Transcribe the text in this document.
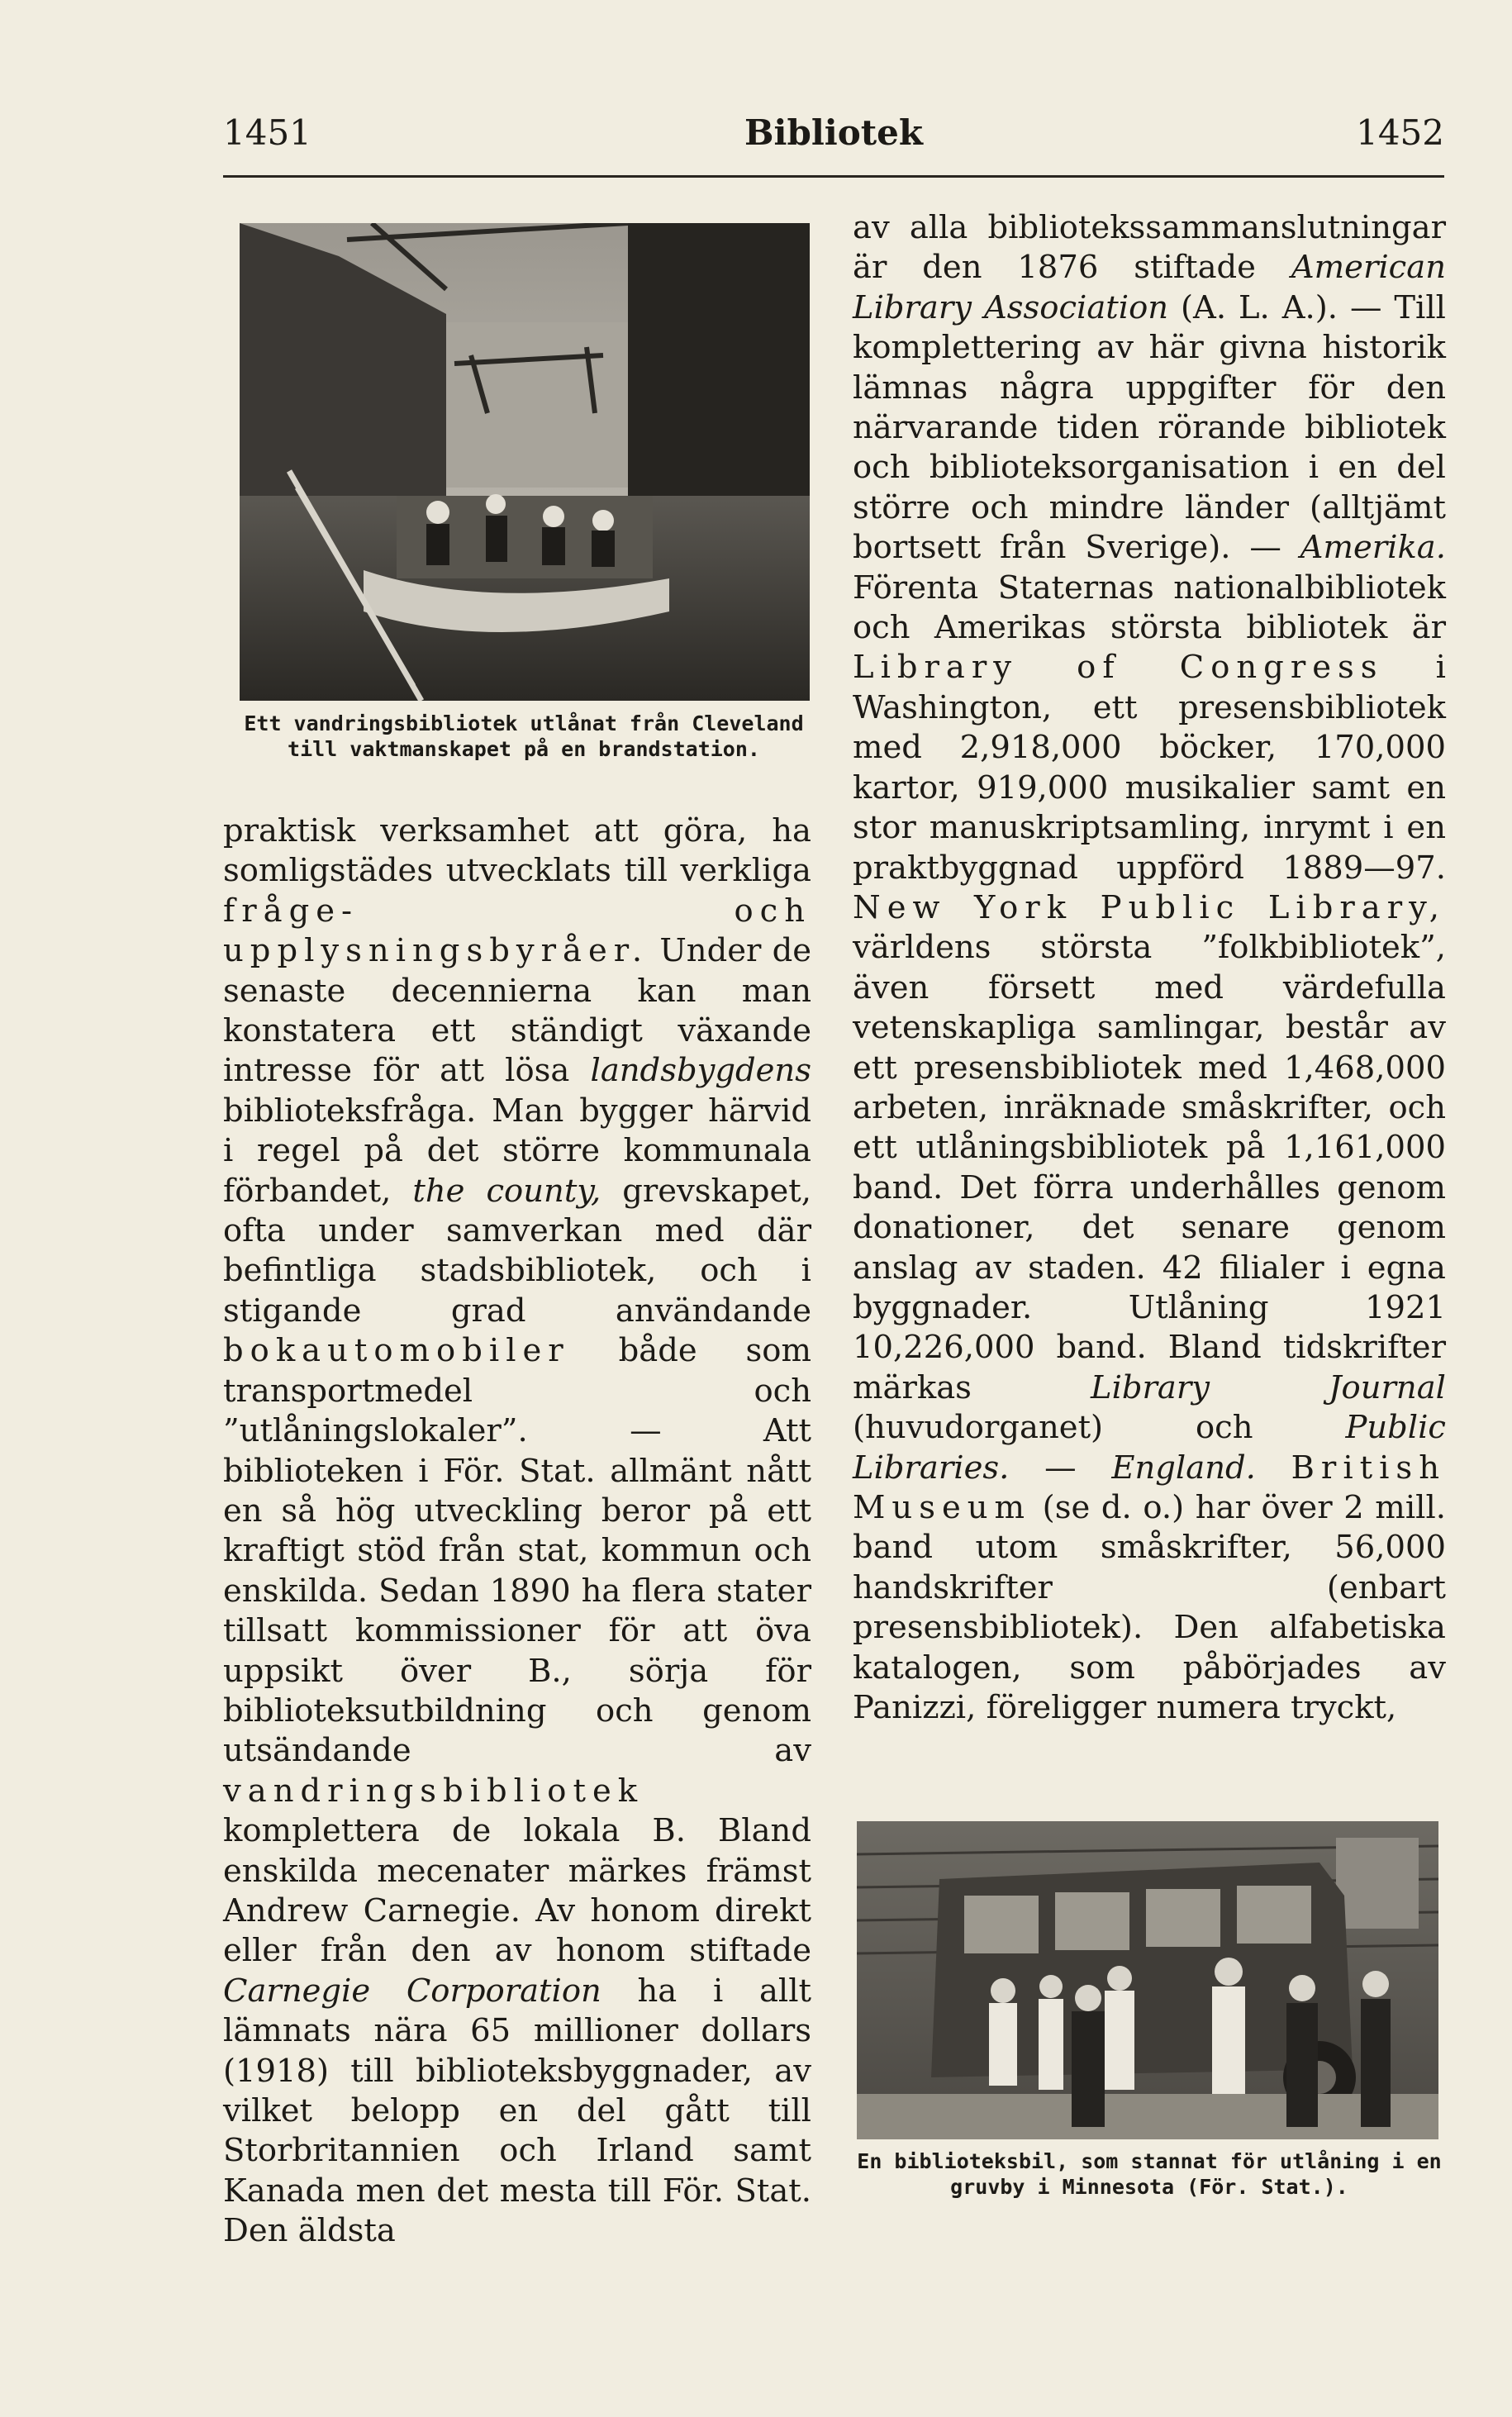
1451	Bibliotek	1452
Ett vandringsbibliotek utlånat från Cleveland till vaktmanskapet på en brandstation.

praktisk verksamhet att göra, ha somligstädes utvecklats till verkliga fråge- och upplysningsbyråer. Under de senaste decennierna kan man konstatera ett ständigt växande intresse för att lösa landsbygdens biblioteksfråga. Man bygger härvid i regel på det större kommunala förbandet, the county, grevskapet, ofta under samverkan med där befintliga stadsbibliotek, och i stigande grad användande bokautomobiler både som transportmedel och ”utlåningslokaler”. — Att biblioteken i För. Stat. allmänt nått en så hög utveckling beror på ett kraftigt stöd från stat, kommun och enskilda. Sedan 1890 ha flera stater tillsatt kommissioner för att öva uppsikt över B., sörja för biblioteksutbildning och genom utsändande av vandringsbibliotek komplettera de lokala B. Bland enskilda mecenater märkes främst Andrew Carnegie. Av honom direkt eller från den av honom stiftade Carnegie Corporation ha i allt lämnats nära 65 millioner dollars (1918) till biblioteksbyggnader, av vilket belopp en del gått till Storbritannien och Irland samt Kanada men det mesta till För. Stat. Den äldsta

av alla bibliotekssammanslutningar är den 1876 stiftade American Library Association (A. L. A.). — Till komplettering av här givna historik lämnas några uppgifter för den närvarande tiden rörande bibliotek och biblioteksorganisation i en del större och mindre länder (alltjämt bortsett från Sverige). — Amerika. Förenta Staternas nationalbibliotek och Amerikas största bibliotek är Library of Congress i Washington, ett presensbibliotek med 2,918,000 böcker, 170,000 kartor, 919,000 musikalier samt en stor manuskriptsamling, inrymt i en praktbyggnad uppförd 1889—97. New York Public Library, världens största ”folkbibliotek”, även försett med värdefulla vetenskapliga samlingar, består av ett presensbibliotek med 1,468,000 arbeten, inräknade småskrifter, och ett utlåningsbibliotek på 1,161,000 band. Det förra underhålles genom donationer, det senare genom anslag av staden. 42 filialer i egna byggnader. Utlåning 1921 10,226,000 band. Bland tidskrifter märkas Library Journal (huvudorganet) och Public Libraries. — England. British Museum (se d. o.) har över 2 mill. band utom småskrifter, 56,000 handskrifter (enbart presensbibliotek). Den alfabetiska katalogen, som påbörjades av Panizzi, föreligger numera tryckt,

En biblioteksbil, som stannat för utlåning i en gruvby i Minnesota (För. Stat.).
